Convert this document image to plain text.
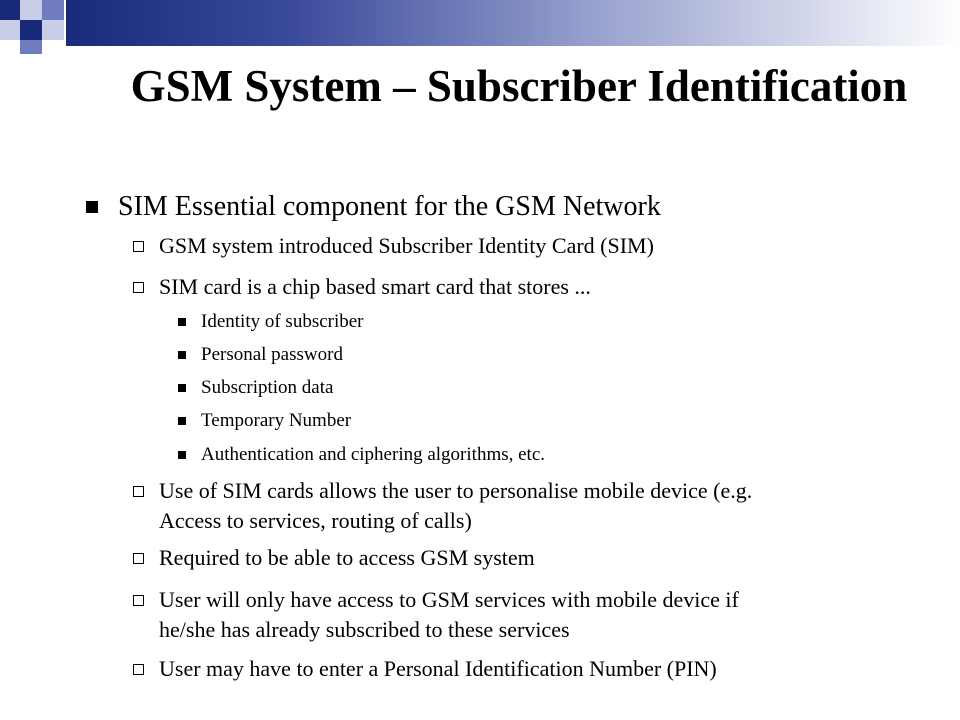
GSM System – Subscriber Identification
SIM Essential component for the GSM Network
GSM system introduced Subscriber Identity Card (SIM)
SIM card is a chip based smart card that stores ...
Identity of subscriber
Personal password
Subscription data
Temporary Number
Authentication and ciphering algorithms, etc.
Use of SIM cards allows the user to personalise mobile device (e.g.
Access to services, routing of calls)
Required to be able to access GSM system
User will only have access to GSM services with mobile device if
he/she has already subscribed to these services
User may have to enter a Personal Identification Number (PIN)
